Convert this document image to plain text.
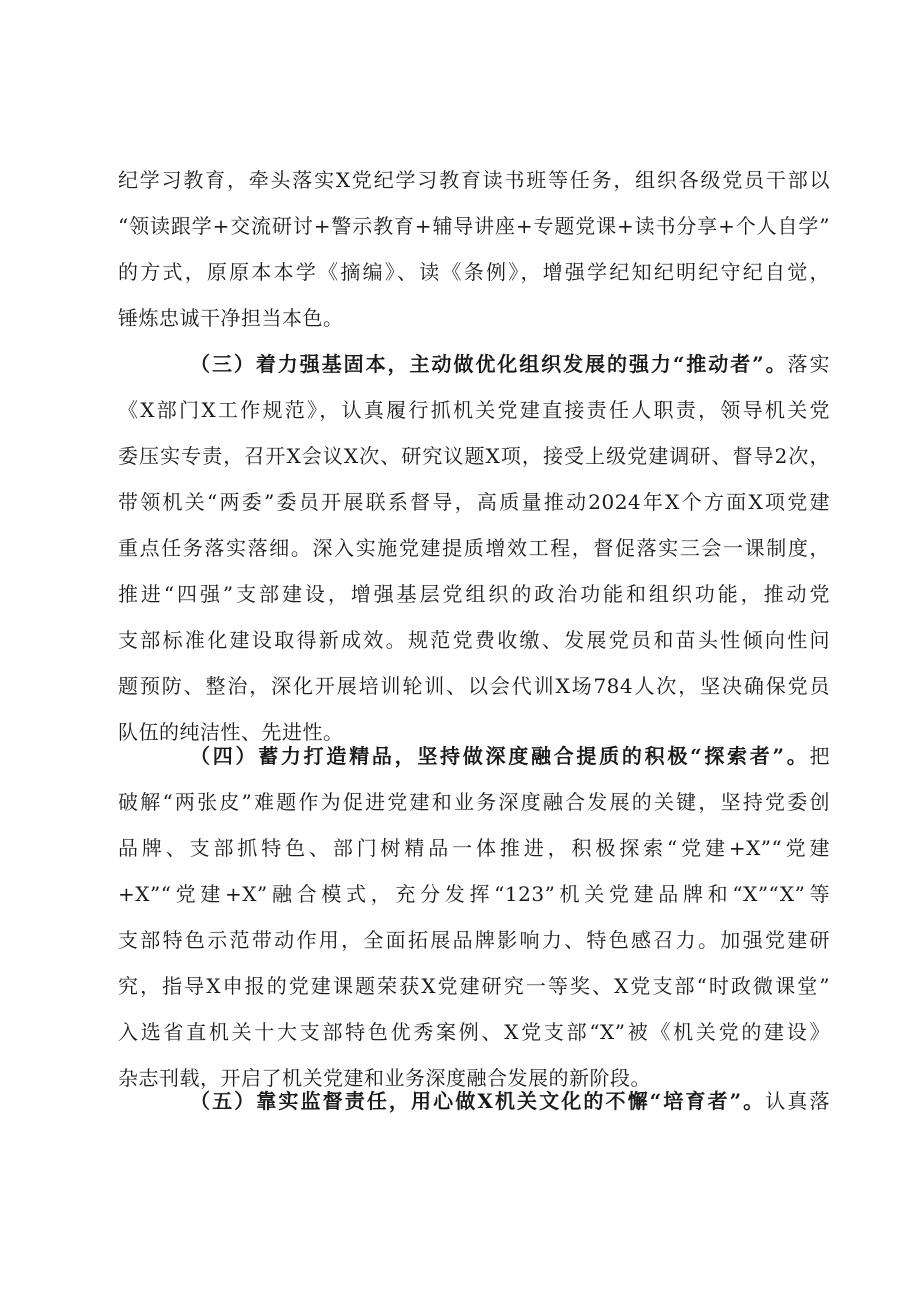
纪学习教育，牵头落实X党纪学习教育读书班等任务，组织各级党员干部以
“领读跟学+交流研讨+警示教育+辅导讲座+专题党课+读书分享+个人自学”
的方式，原原本本学《摘编》、读《条例》，增强学纪知纪明纪守纪自觉，
锤炼忠诚干净担当本色。
（三）着力强基固本，主动做优化组织发展的强力“推动者”。落实
《X部门X工作规范》，认真履行抓机关党建直接责任人职责，领导机关党
委压实专责，召开X会议X次、研究议题X项，接受上级党建调研、督导2次，
带领机关“两委”委员开展联系督导，高质量推动2024年X个方面X项党建
重点任务落实落细。深入实施党建提质增效工程，督促落实三会一课制度，
推进“四强”支部建设，增强基层党组织的政治功能和组织功能，推动党
支部标准化建设取得新成效。规范党费收缴、发展党员和苗头性倾向性问
题预防、整治，深化开展培训轮训、以会代训X场784人次，坚决确保党员
队伍的纯洁性、先进性。
（四）蓄力打造精品，坚持做深度融合提质的积极“探索者”。把
破解“两张皮”难题作为促进党建和业务深度融合发展的关键，坚持党委创
品牌、支部抓特色、部门树精品一体推进，积极探索“党建+X”“党建
+X”“党建+X”融合模式，充分发挥“123”机关党建品牌和“X”“X”等
支部特色示范带动作用，全面拓展品牌影响力、特色感召力。加强党建研
究，指导X申报的党建课题荣获X党建研究一等奖、X党支部“时政微课堂”
入选省直机关十大支部特色优秀案例、X党支部“X”被《机关党的建设》
杂志刊载，开启了机关党建和业务深度融合发展的新阶段。
（五）靠实监督责任，用心做X机关文化的不懈“培育者”。认真落
